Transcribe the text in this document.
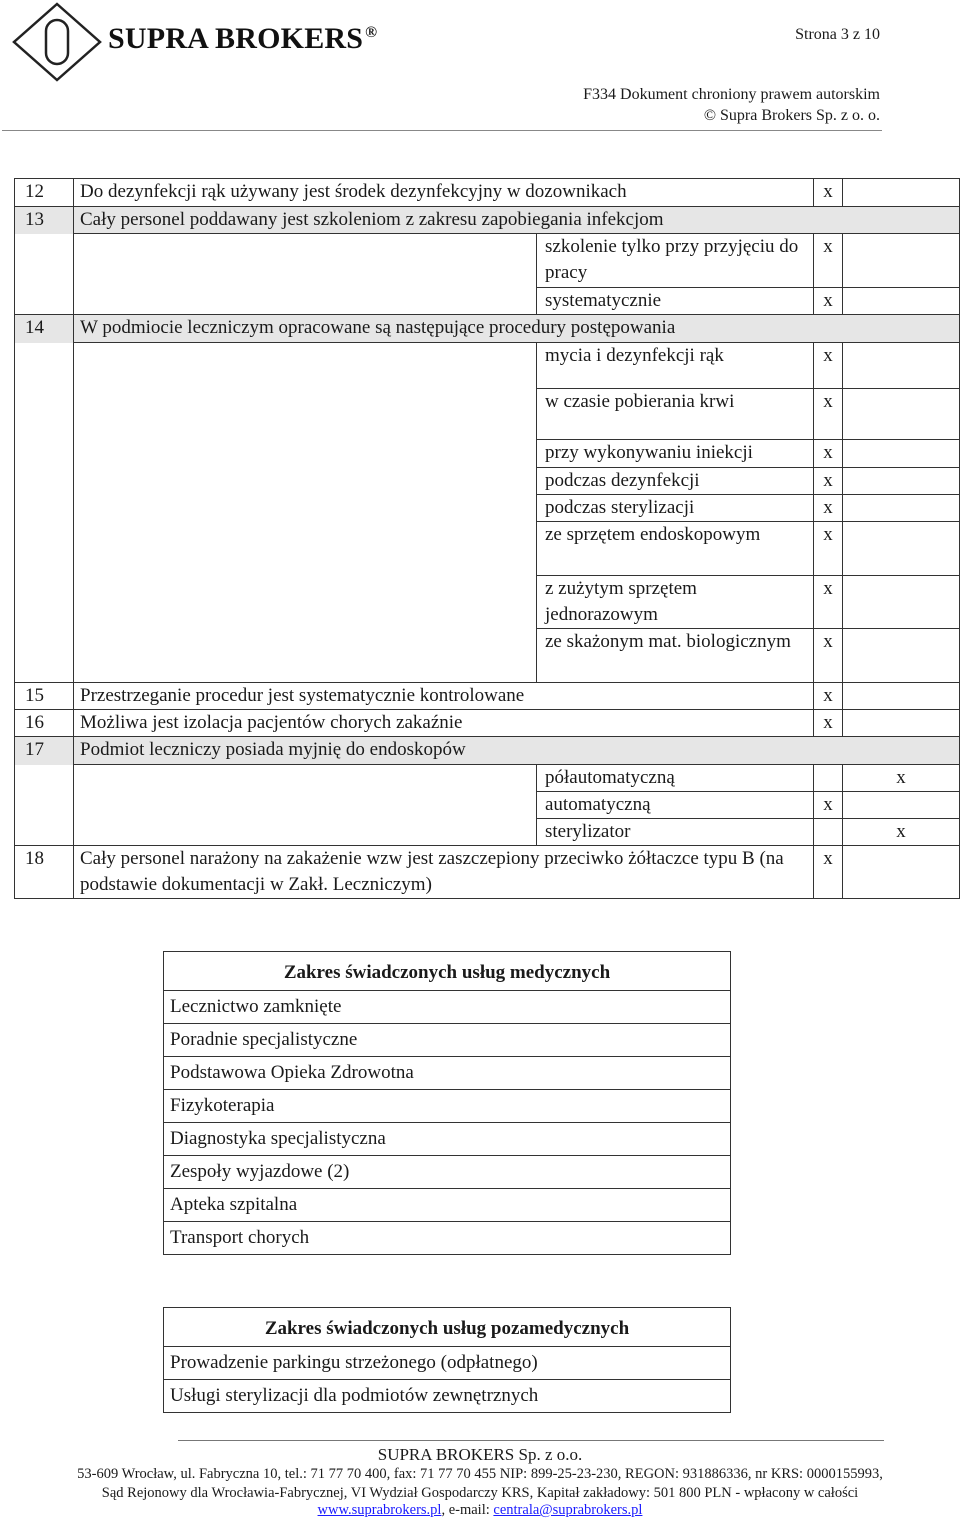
SUPRA BROKERS ®	Strona 3 z 10
F334 Dokument chroniony prawem autorskim
© Supra Brokers Sp. z o. o.
12	Do dezynfekcji rąk używany jest środek dezynfekcyjny w dozownikach		x	
13	Cały personel poddawany jest szkoleniom z zakresu zapobiegania infekcjom			
		szkolenie tylko przy przyjęciu do pracy	x	
		systematycznie	x	
14	W podmiocie leczniczym opracowane są następujące procedury postępowania			
		mycia i dezynfekcji rąk	x	
		w czasie pobierania krwi	x	
		przy wykonywaniu iniekcji	x	
		podczas dezynfekcji	x	
		podczas sterylizacji	x	
		ze sprzętem endoskopowym	x	
		z zużytym sprzętem jednorazowym	x	
		ze skażonym mat. biologicznym	x	
15	Przestrzeganie procedur jest systematycznie kontrolowane		x	
16	Możliwa jest izolacja pacjentów chorych zakaźnie		x	
17	Podmiot leczniczy posiada myjnię do endoskopów			
		półautomatyczną		x
		automatyczną	x	
		sterylizator		x
18	Cały personel narażony na zakażenie wzw jest zaszczepiony przeciwko żółtaczce typu B (na podstawie dokumentacji w Zakł. Leczniczym)		x	
Zakres świadczonych usług medycznych
Lecznictwo zamknięte
Poradnie specjalistyczne
Podstawowa Opieka Zdrowotna
Fizykoterapia
Diagnostyka specjalistyczna
Zespoły wyjazdowe (2)
Apteka szpitalna
Transport chorych
Zakres świadczonych usług pozamedycznych
Prowadzenie parkingu strzeżonego (odpłatnego)
Usługi sterylizacji dla podmiotów zewnętrznych
SUPRA BROKERS Sp. z o.o.
53-609 Wrocław, ul. Fabryczna 10, tel.: 71 77 70 400, fax: 71 77 70 455 NIP: 899-25-23-230, REGON: 931886336, nr KRS: 0000155993,
Sąd Rejonowy dla Wrocławia-Fabrycznej, VI Wydział Gospodarczy KRS, Kapitał zakładowy: 501 800 PLN - wpłacony w całości
www.suprabrokers.pl, e-mail: centrala@suprabrokers.pl
